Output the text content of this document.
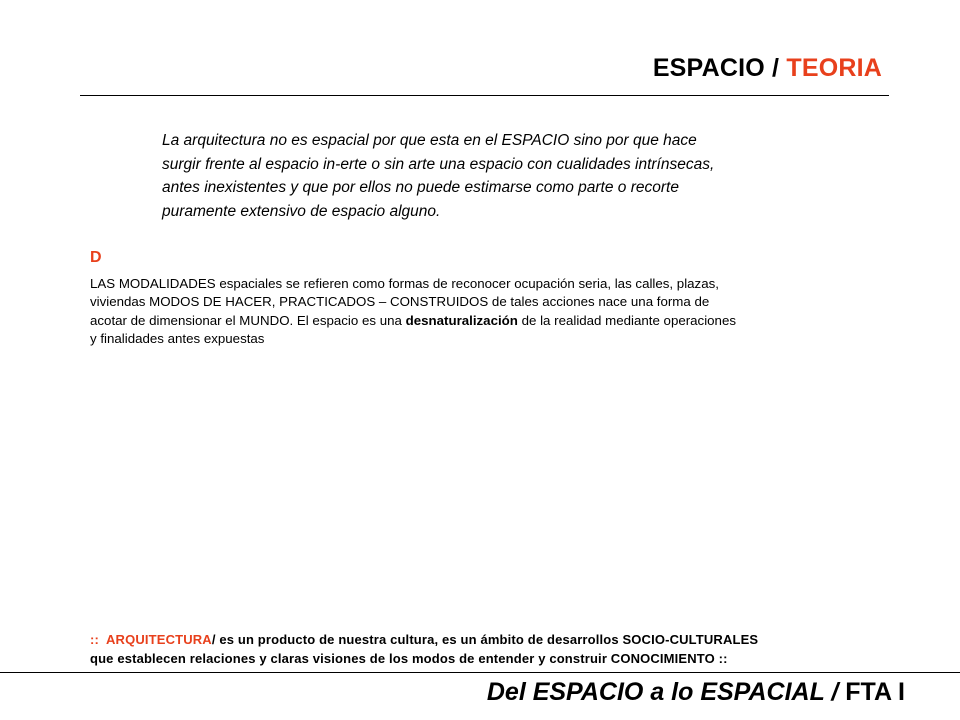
ESPACIO / TEORIA
La arquitectura no es espacial por que esta en el ESPACIO sino por que hace
surgir frente al espacio in-erte o sin arte una espacio con cualidades intrínsecas,
antes inexistentes y que por ellos no puede estimarse como parte o recorte
puramente extensivo de espacio alguno.
D
LAS MODALIDADES espaciales se refieren como formas de reconocer ocupación seria, las calles, plazas,
viviendas MODOS DE HACER, PRACTICADOS – CONSTRUIDOS de tales acciones nace una forma de
acotar de dimensionar el MUNDO. El espacio es una desnaturalización de la realidad mediante operaciones
y finalidades antes expuestas
:: ARQUITECTURA/ es un producto de nuestra cultura, es un ámbito de desarrollos SOCIO-CULTURALES
que establecen relaciones y claras visiones de los modos de entender y construir CONOCIMIENTO ::
Del ESPACIO a lo ESPACIAL / FTA I
